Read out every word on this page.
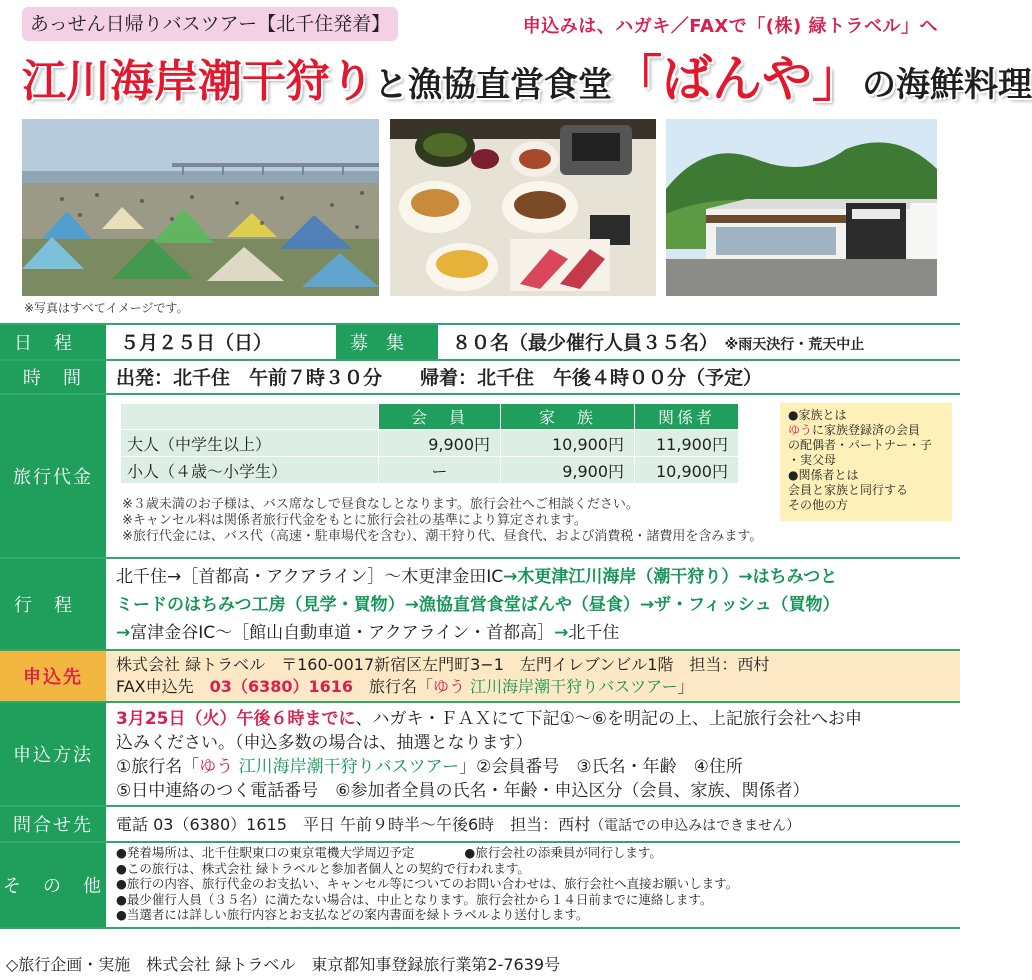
あっせん日帰りバスツアー【北千住発着】	申込みは、ハガキ／FAXで「(株) 緑トラベル」へ
江川海岸潮干狩りと漁協直営食堂「ばんや」の海鮮料理
※写真はすべてイメージです。
日　程	５月２５日（日）	募　集	８０名（最少催行人員３５名） ※雨天決行・荒天中止
時　間	出発：北千住　午前７時３０分　　帰着：北千住　午後４時００分（予定）
旅行代金
	会　員	家　族	関係者
大人（中学生以上）	9,900円	10,900円	11,900円
小人（４歳〜小学生）	ー	9,900円	10,900円
●家族とは
ゆうに家族登録済の会員
の配偶者・パートナー・子
・実父母
●関係者とは
会員と家族と同行する
その他の方
※３歳未満のお子様は、バス席なしで昼食なしとなります。旅行会社へご相談ください。
※キャンセル料は関係者旅行代金をもとに旅行会社の基準により算定されます。
※旅行代金には、バス代（高速・駐車場代を含む）、潮干狩り代、昼食代、および消費税・諸費用を含みます。
行　程
北千住→［首都高・アクアライン］〜木更津金田IC→木更津江川海岸（潮干狩り）→はちみつと
ミードのはちみつ工房（見学・買物）→漁協直営食堂ばんや（昼食）→ザ・フィッシュ（買物）
→富津金谷IC〜［館山自動車道・アクアライン・首都高］→北千住
申込先
株式会社 緑トラベル　〒160-0017新宿区左門町3−1　左門イレブンビル1階　担当：西村
FAX申込先　 03（6380）1616　 旅行名「ゆう 江川海岸潮干狩りバスツアー」
申込方法
3月25日（火）午後６時までに、ハガキ・ＦＡＸにて下記①〜⑥を明記の上、上記旅行会社へお申
込みください。（申込多数の場合は、抽選となります）
①旅行名「ゆう 江川海岸潮干狩りバスツアー」②会員番号　③氏名・年齢　④住所
⑤日中連絡のつく電話番号　⑥参加者全員の氏名・年齢・申込区分（会員、家族、関係者）
問合せ先	電話 03（6380）1615　平日 午前９時半〜午後6時　担当：西村（電話での申込みはできません）
そ　の　他
●発着場所は、北千住駅東口の東京電機大学周辺予定　　　　●旅行会社の添乗員が同行します。
●この旅行は、株式会社 緑トラベルと参加者個人との契約で行われます。
●旅行の内容、旅行代金のお支払い、キャンセル等についてのお問い合わせは、旅行会社へ直接お願いします。
●最少催行人員（３５名）に満たない場合は、中止となります。旅行会社から１４日前までに連絡します。
●当選者には詳しい旅行内容とお支払などの案内書面を緑トラベルより送付します。
◇旅行企画・実施　株式会社 緑トラベル　東京都知事登録旅行業第2-7639号
